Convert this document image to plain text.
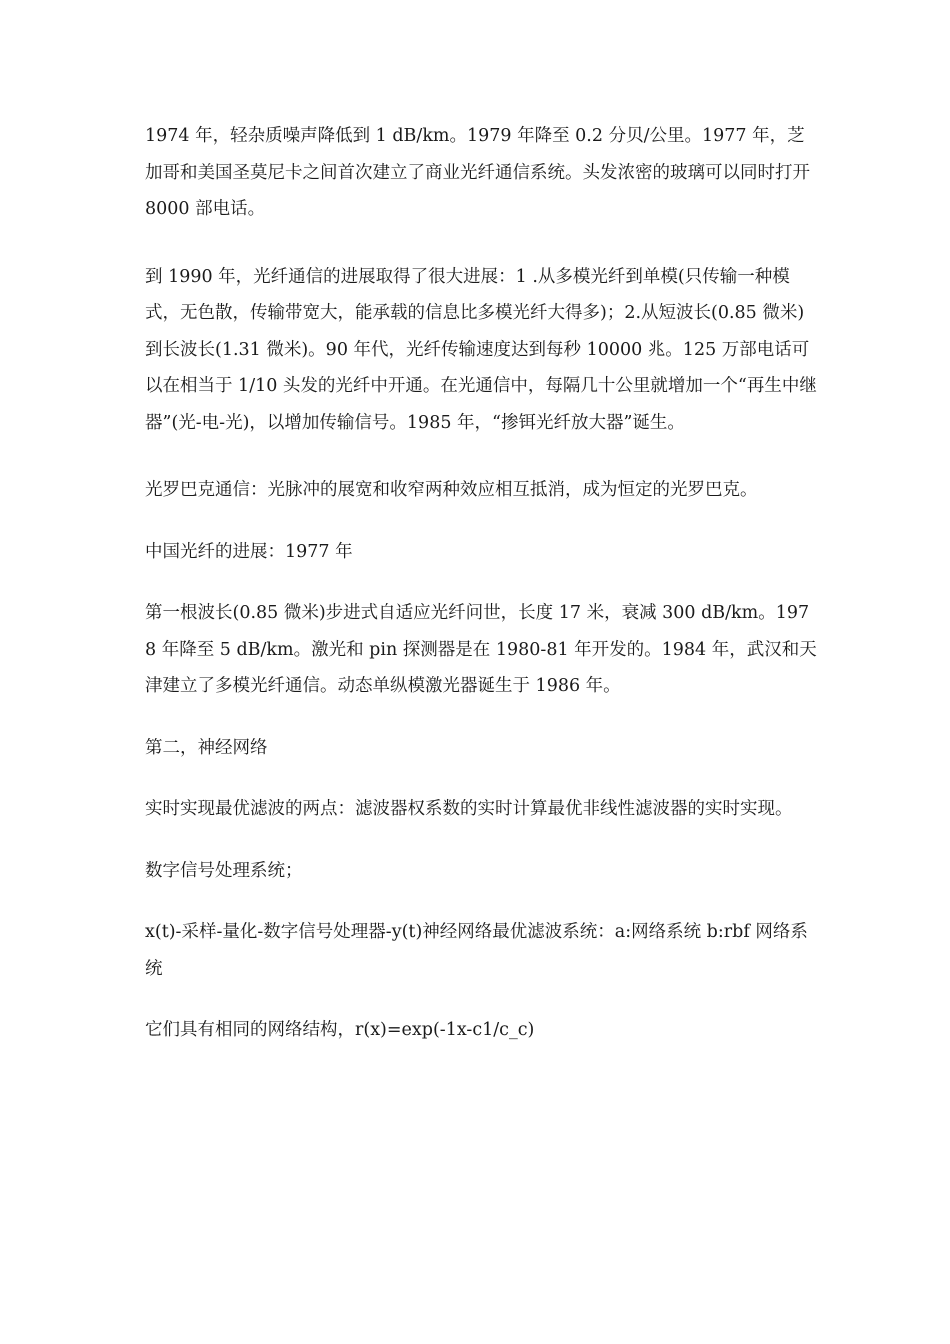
1974 年，轻杂质噪声降低到 1 dB/km。1979 年降至 0.2 分贝/公里。1977 年，芝加哥和美国圣莫尼卡之间首次建立了商业光纤通信系统。头发浓密的玻璃可以同时打开 8000 部电话。

到 1990 年，光纤通信的进展取得了很大进展：1 .从多模光纤到单模(只传输一种模式，无色散，传输带宽大，能承载的信息比多模光纤大得多)；2.从短波长(0.85 微米)到长波长(1.31 微米)。90 年代，光纤传输速度达到每秒 10000 兆。125 万部电话可以在相当于 1/10 头发的光纤中开通。在光通信中，每隔几十公里就增加一个“再生中继器”(光-电-光)，以增加传输信号。1985 年，“掺铒光纤放大器”诞生。

光罗巴克通信：光脉冲的展宽和收窄两种效应相互抵消，成为恒定的光罗巴克。

中国光纤的进展：1977 年

第一根波长(0.85 微米)步进式自适应光纤问世，长度 17 米，衰减 300 dB/km。1978 年降至 5 dB/km。激光和 pin 探测器是在 1980-81 年开发的。1984 年，武汉和天津建立了多模光纤通信。动态单纵模激光器诞生于 1986 年。

第二，神经网络

实时实现最优滤波的两点：滤波器权系数的实时计算最优非线性滤波器的实时实现。

数字信号处理系统；

x(t)-采样-量化-数字信号处理器-y(t)神经网络最优滤波系统：a:网络系统 b:rbf 网络系统

它们具有相同的网络结构，r(x)=exp(-1x-c1/c_c)
